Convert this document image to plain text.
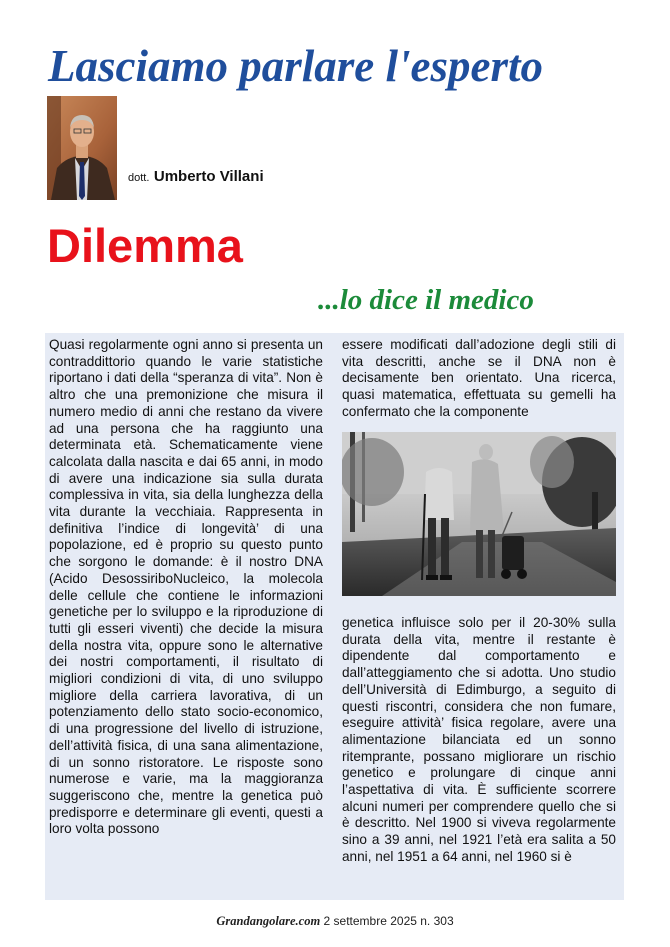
Lasciamo parlare l'esperto
dott. Umberto Villani
Dilemma
...lo dice il medico

Quasi regolarmente ogni anno si presenta un contraddittorio quando le varie statistiche riportano i dati della “speranza di vita”. Non è altro che una premonizione che misura il numero medio di anni che restano da vivere ad una persona che ha raggiunto una determinata età. Schematicamente viene calcolata dalla nascita e dai 65 anni, in modo di avere una indicazione sia sulla durata complessiva in vita, sia della lunghezza della vita durante la vecchiaia. Rappresenta in definitiva l’indice di longevità’ di una popolazione, ed è proprio su questo punto che sorgono le domande: è il nostro DNA (Acido DesossiriboNucleico, la molecola delle cellule che contiene le informazioni genetiche per lo sviluppo e la riproduzione di tutti gli esseri viventi) che decide la misura della nostra vita, oppure sono le alternative dei nostri comportamenti, il risultato di migliori condizioni di vita, di uno sviluppo migliore della carriera lavorativa, di un potenziamento dello stato socio-economico, di una progressione del livello di istruzione, dell’attività fisica, di una sana alimentazione, di un sonno ristoratore. Le risposte sono numerose e varie, ma la maggioranza suggeriscono che, mentre la genetica può predisporre e determinare gli eventi, questi a loro volta possono

essere modificati dall’adozione degli stili di vita descritti, anche se il DNA non è decisamente ben orientato. Una ricerca, quasi matematica, effettuata su gemelli ha confermato che la componente

genetica influisce solo per il 20-30% sulla durata della vita, mentre il restante è dipendente dal comportamento e dall’atteggiamento che si adotta. Uno studio dell’Università di Edimburgo, a seguito di questi riscontri, considera che non fumare, eseguire attività’ fisica regolare, avere una alimentazione bilanciata ed un sonno ritemprante, possano migliorare un rischio genetico e prolungare di cinque anni l’aspettativa di vita. È sufficiente scorrere alcuni numeri per comprendere quello che si è descritto. Nel 1900 si viveva regolarmente sino a 39 anni, nel 1921 l’età era salita a 50 anni, nel 1951 a 64 anni, nel 1960 si è

Grandangolare.com 2 settembre 2025 n. 303
